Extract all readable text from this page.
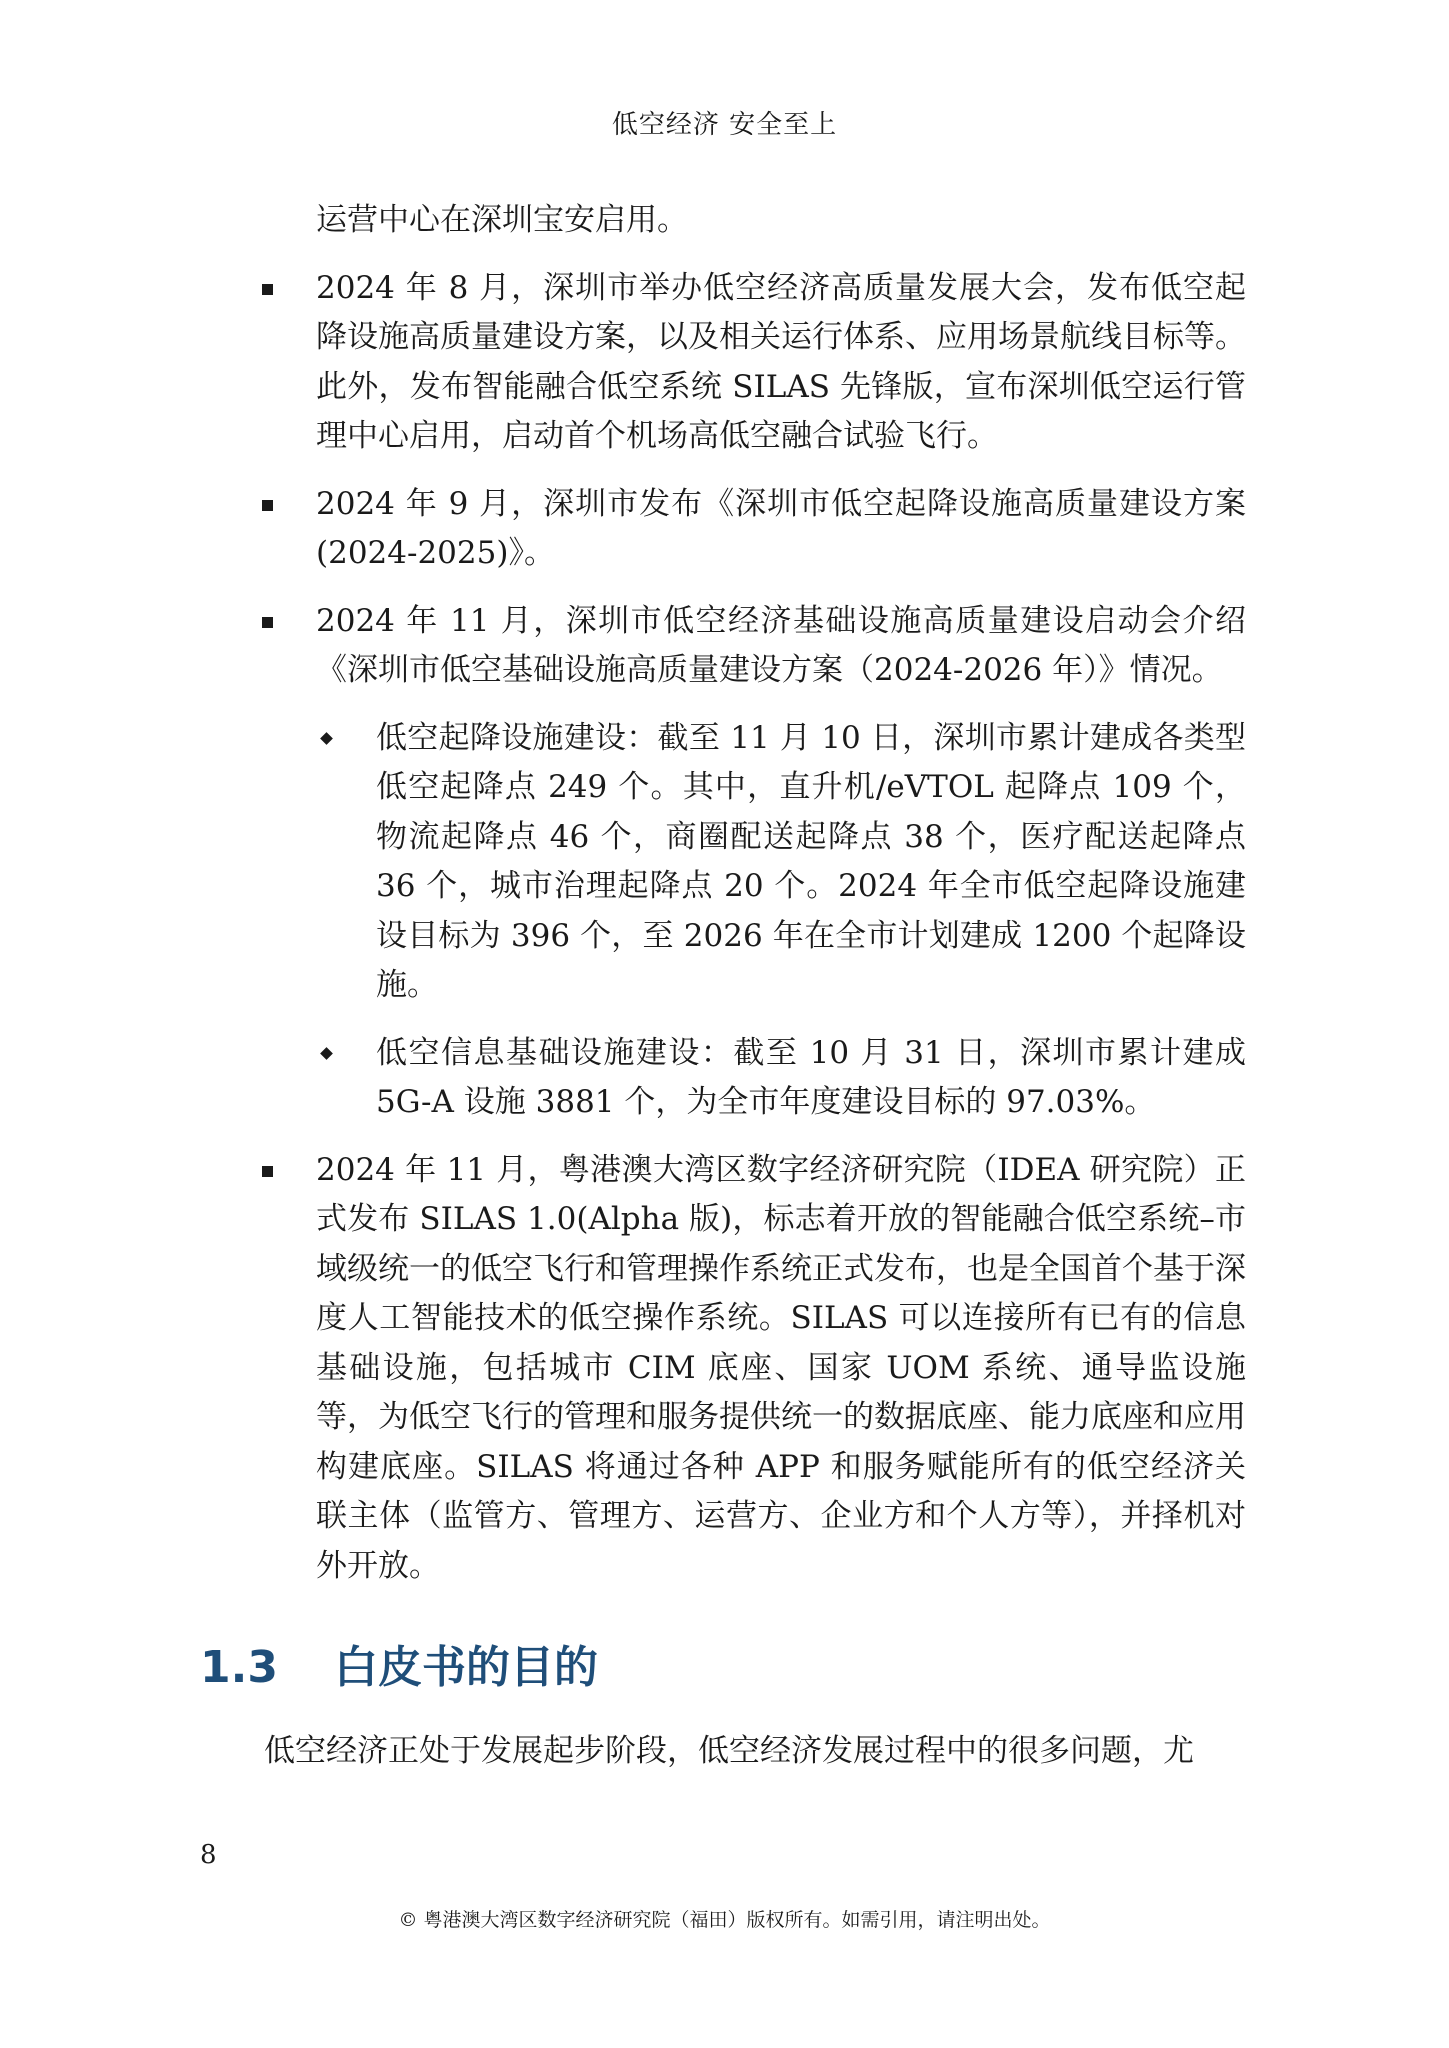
低空经济 安全至上

运营中心在深圳宝安启用。

2024 年 8 月，深圳市举办低空经济高质量发展大会，发布低空起降设施高质量建设方案，以及相关运行体系、应用场景航线目标等。此外，发布智能融合低空系统 SILAS 先锋版，宣布深圳低空运行管理中心启用，启动首个机场高低空融合试验飞行。
2024 年 9 月，深圳市发布《深圳市低空起降设施高质量建设方案(2024-2025)》。
2024 年 11 月，深圳市低空经济基础设施高质量建设启动会介绍《深圳市低空基础设施高质量建设方案（2024-2026 年）》情况。
低空起降设施建设：截至 11 月 10 日，深圳市累计建成各类型低空起降点 249 个。其中，直升机/eVTOL 起降点 109 个，物流起降点 46 个，商圈配送起降点 38 个，医疗配送起降点 36 个，城市治理起降点 20 个。2024 年全市低空起降设施建设目标为 396 个，至 2026 年在全市计划建成 1200 个起降设施。
低空信息基础设施建设：截至 10 月 31 日，深圳市累计建成 5G-A 设施 3881 个，为全市年度建设目标的 97.03%。
2024 年 11 月，粤港澳大湾区数字经济研究院（IDEA 研究院）正式发布 SILAS 1.0(Alpha 版)，标志着开放的智能融合低空系统–市域级统一的低空飞行和管理操作系统正式发布，也是全国首个基于深度人工智能技术的低空操作系统。SILAS 可以连接所有已有的信息基础设施，包括城市 CIM 底座、国家 UOM 系统、通导监设施等，为低空飞行的管理和服务提供统一的数据底座、能力底座和应用构建底座。SILAS 将通过各种 APP 和服务赋能所有的低空经济关联主体（监管方、管理方、运营方、企业方和个人方等），并择机对外开放。
1.3	白皮书的目的
低空经济正处于发展起步阶段，低空经济发展过程中的很多问题，尤
8
© 粤港澳大湾区数字经济研究院（福田）版权所有。如需引用，请注明出处。
